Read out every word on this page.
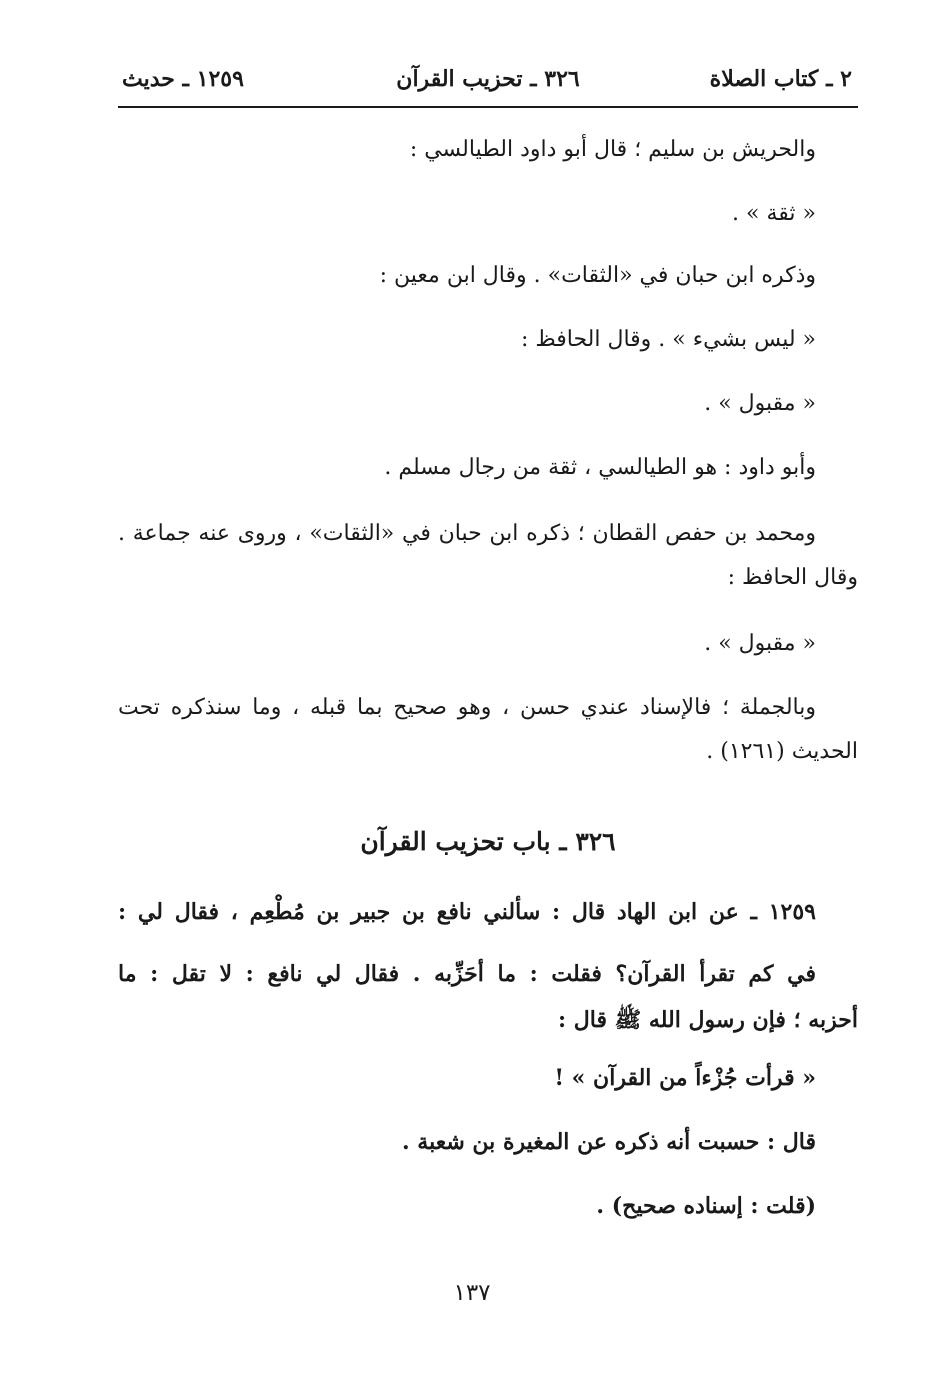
٢ ـ كتاب الصلاة
٣٢٦ ـ تحزيب القرآن
١٢٥٩ ـ حديث
والحريش بن سليم ؛ قال أبو داود الطيالسي :
« ثقة » .
وذكره ابن حبان في «الثقات» . وقال ابن معين :
« ليس بشيء » . وقال الحافظ :
« مقبول » .
وأبو داود : هو الطيالسي ، ثقة من رجال مسلم .
ومحمد بن حفص القطان ؛ ذكره ابن حبان في «الثقات» ، وروى عنه جماعة .
وقال الحافظ :
« مقبول » .
وبالجملة ؛ فالإسناد عندي حسن ، وهو صحيح بما قبله ، وما سنذكره تحت
الحديث (١٢٦١) .
٣٢٦ ـ باب تحزيب القرآن
١٢٥٩ ـ عن ابن الهاد قال : سألني نافع بن جبير بن مُطْعِم ، فقال لي :
في كم تقرأ القرآن؟ فقلت : ما أحَزِّبه . فقال لي نافع : لا تقل : ما
أحزبه ؛ فإن رسول الله ﷺ قال :
« قرأت جُزْءاً من القرآن » !
قال : حسبت أنه ذكره عن المغيرة بن شعبة .
(قلت : إسناده صحيح) .
١٣٧
